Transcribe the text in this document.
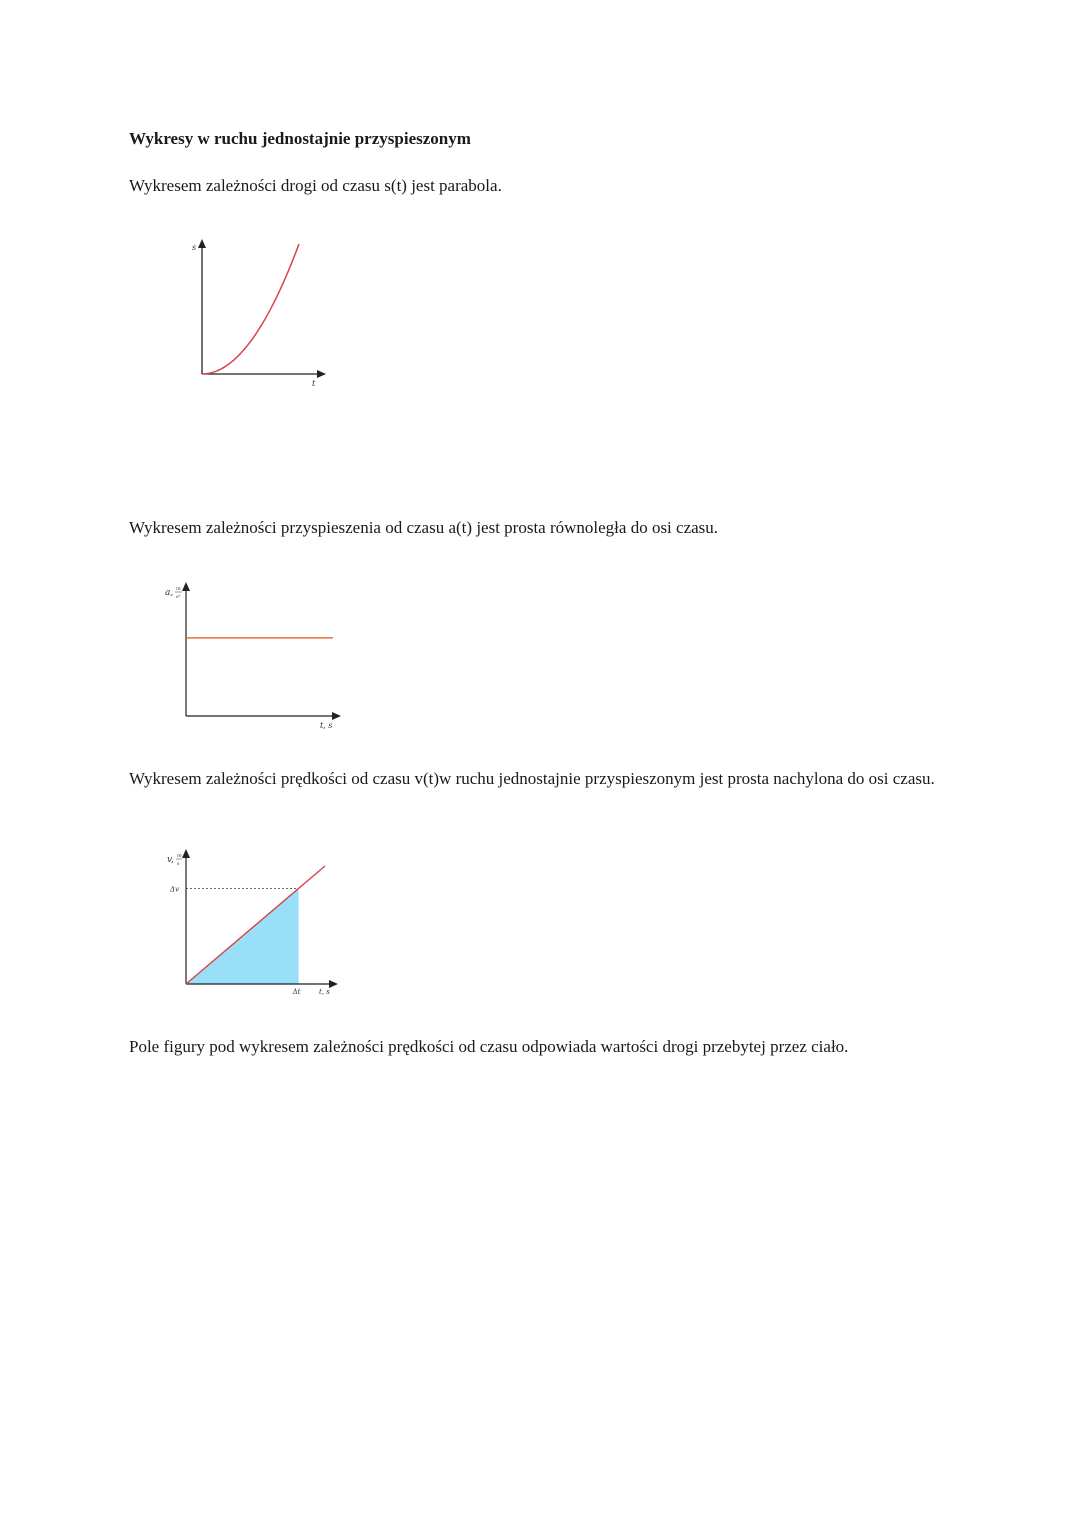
Wykresy w ruchu jednostajnie przyspieszonym
Wykresem zależności drogi od czasu s(t) jest parabola.
s
t
Wykresem zależności przyspieszenia od czasu a(t) jest prosta równoległa do osi czasu.
a, m
s²
t, s
Wykresem zależności prędkości od czasu v(t)w ruchu jednostajnie przyspieszonym jest prosta nachylona do osi czasu.
v, m
s
Δv
Δt	t, s
Pole figury pod wykresem zależności prędkości od czasu odpowiada wartości drogi przebytej przez ciało.
